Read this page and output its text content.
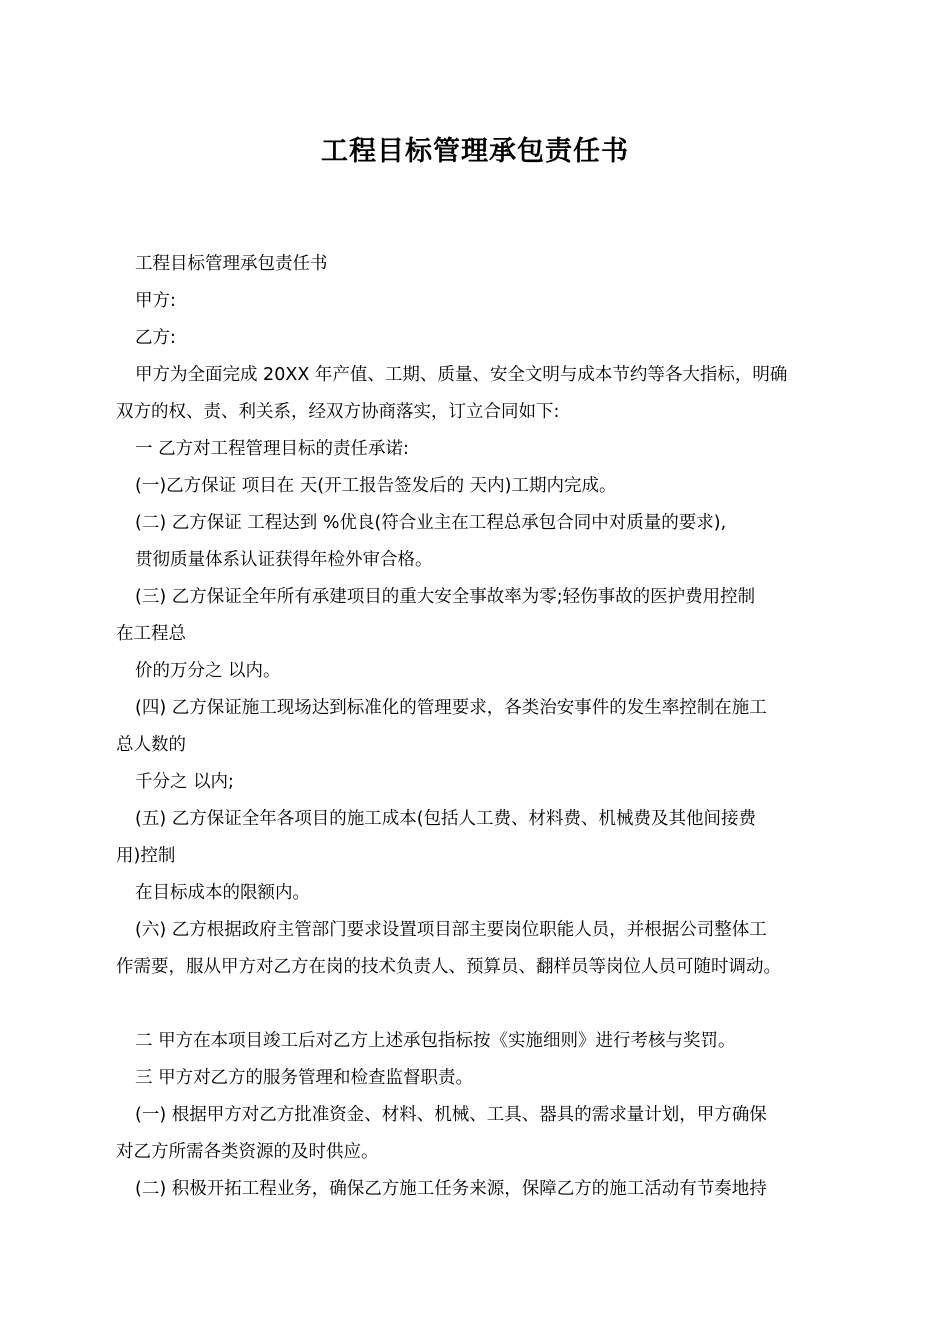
工程目标管理承包责任书
工程目标管理承包责任书
甲方:
乙方:
甲方为全面完成 20XX 年产值、工期、质量、安全文明与成本节约等各大指标，明确
双方的权、责、利关系，经双方协商落实，订立合同如下:
一 乙方对工程管理目标的责任承诺:
(一)乙方保证 项目在 天(开工报告签发后的 天内)工期内完成。
(二) 乙方保证 工程达到 %优良(符合业主在工程总承包合同中对质量的要求),
贯彻质量体系认证获得年检外审合格。
(三) 乙方保证全年所有承建项目的重大安全事故率为零;轻伤事故的医护费用控制
在工程总
价的万分之 以内。
(四) 乙方保证施工现场达到标准化的管理要求，各类治安事件的发生率控制在施工
总人数的
千分之 以内;
(五) 乙方保证全年各项目的施工成本(包括人工费、材料费、机械费及其他间接费
用)控制
在目标成本的限额内。
(六) 乙方根据政府主管部门要求设置项目部主要岗位职能人员，并根据公司整体工
作需要，服从甲方对乙方在岗的技术负责人、预算员、翻样员等岗位人员可随时调动。
二 甲方在本项目竣工后对乙方上述承包指标按《实施细则》进行考核与奖罚。
三 甲方对乙方的服务管理和检查监督职责。
(一) 根据甲方对乙方批准资金、材料、机械、工具、器具的需求量计划，甲方确保
对乙方所需各类资源的及时供应。
(二) 积极开拓工程业务，确保乙方施工任务来源，保障乙方的施工活动有节奏地持
